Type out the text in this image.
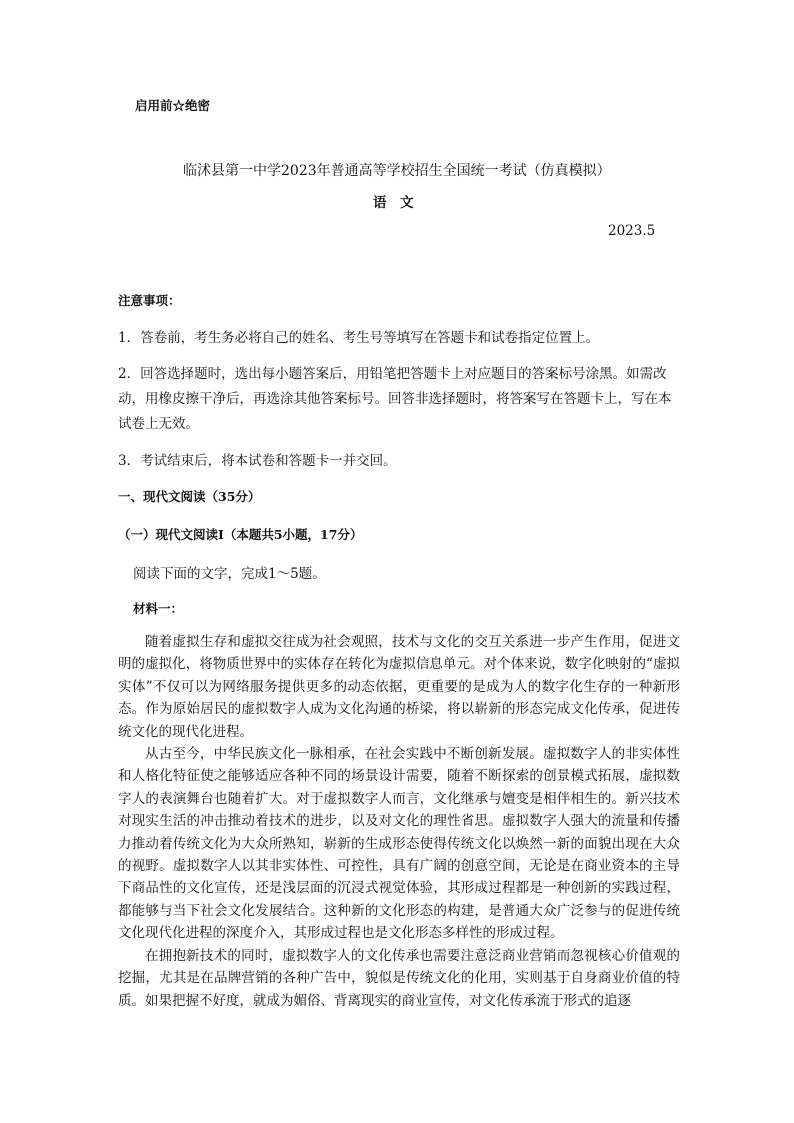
启用前☆绝密
临沭县第一中学2023年普通高等学校招生全国统一考试（仿真模拟）
语　文
2023.5
注意事项：

1．答卷前，考生务必将自己的姓名、考生号等填写在答题卡和试卷指定位置上。

2．回答选择题时，选出每小题答案后，用铅笔把答题卡上对应题目的答案标号涂黑。如需改动，用橡皮擦干净后，再选涂其他答案标号。回答非选择题时，将答案写在答题卡上，写在本试卷上无效。

3．考试结束后，将本试卷和答题卡一并交回。

一、现代文阅读（35分）
（一）现代文阅读Ⅰ（本题共5小题，17分）
阅读下面的文字，完成1～5题。
材料一：

随着虚拟生存和虚拟交往成为社会观照，技术与文化的交互关系进一步产生作用，促进文明的虚拟化，将物质世界中的实体存在转化为虚拟信息单元。对个体来说，数字化映射的“虚拟实体”不仅可以为网络服务提供更多的动态依据，更重要的是成为人的数字化生存的一种新形态。作为原始居民的虚拟数字人成为文化沟通的桥梁，将以崭新的形态完成文化传承，促进传统文化的现代化进程。

从古至今，中华民族文化一脉相承，在社会实践中不断创新发展。虚拟数字人的非实体性和人格化特征使之能够适应各种不同的场景设计需要，随着不断探索的创景模式拓展，虚拟数字人的表演舞台也随着扩大。对于虚拟数字人而言，文化继承与嬗变是相伴相生的。新兴技术对现实生活的冲击推动着技术的进步，以及对文化的理性省思。虚拟数字人强大的流量和传播力推动着传统文化为大众所熟知，崭新的生成形态使得传统文化以焕然一新的面貌出现在大众的视野。虚拟数字人以其非实体性、可控性，具有广阔的创意空间，无论是在商业资本的主导下商品性的文化宣传，还是浅层面的沉浸式视觉体验，其形成过程都是一种创新的实践过程，都能够与当下社会文化发展结合。这种新的文化形态的构建，是普通大众广泛参与的促进传统文化现代化进程的深度介入，其形成过程也是文化形态多样性的形成过程。

在拥抱新技术的同时，虚拟数字人的文化传承也需要注意泛商业营销而忽视核心价值观的挖掘，尤其是在品牌营销的各种广告中，貌似是传统文化的化用，实则基于自身商业价值的特质。如果把握不好度，就成为媚俗、背离现实的商业宣传，对文化传承流于形式的追逐
